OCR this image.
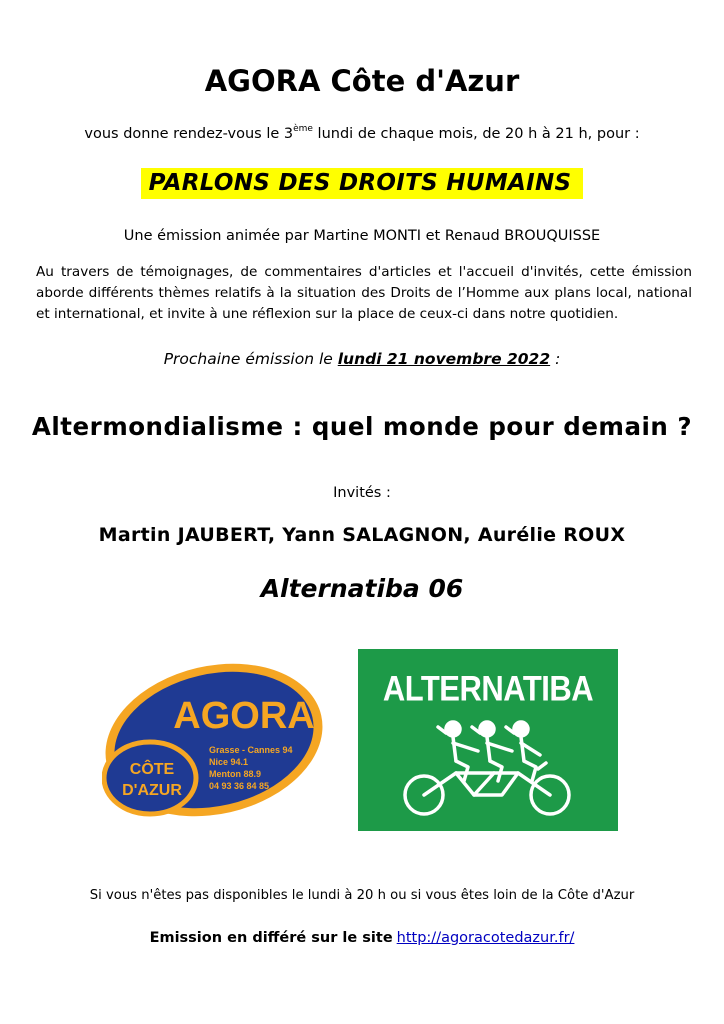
AGORA Côte d'Azur
vous donne rendez-vous le 3ème lundi de chaque mois, de 20 h à 21 h, pour :
PARLONS DES DROITS HUMAINS
Une émission animée par Martine MONTI et Renaud BROUQUISSE
Au travers de témoignages, de commentaires d'articles et l'accueil d'invités, cette émission aborde différents thèmes relatifs à la situation des Droits de l’Homme aux plans local, national et international, et invite à une réflexion sur la place de ceux-ci dans notre quotidien.
Prochaine émission le lundi 21 novembre 2022 :
Altermondialisme : quel monde pour demain ?
Invités :
Martin JAUBERT, Yann SALAGNON, Aurélie ROUX
Alternatiba 06
AGORA
CÔTE
D'AZUR
Grasse - Cannes 94
Nice 94.1
Menton 88.9
04 93 36 84 85
ALTERNATIBA
Si vous n'êtes pas disponibles le lundi à 20 h ou si vous êtes loin de la Côte d'Azur
Emission en différé sur le site http://agoracotedazur.fr/
